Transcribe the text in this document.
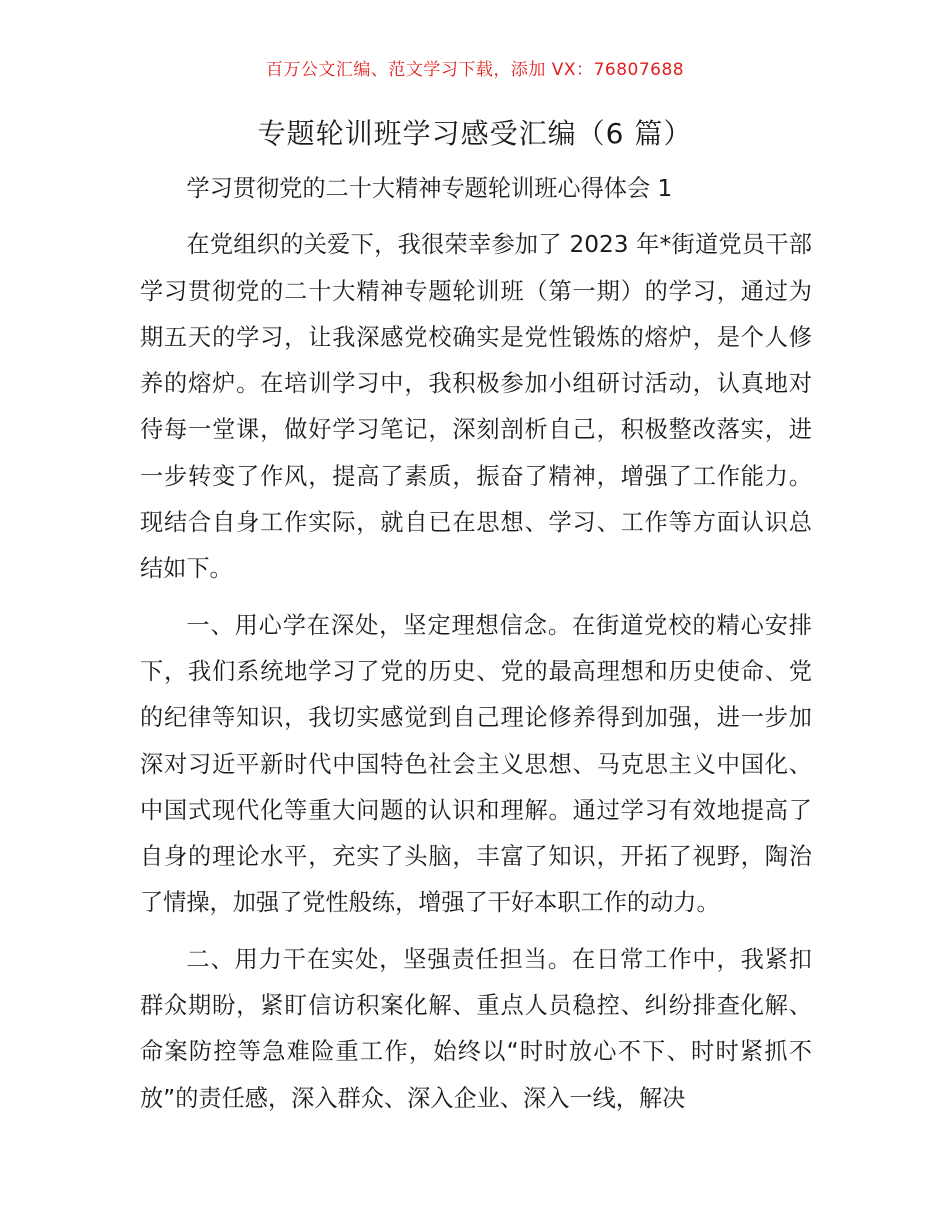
百万公文汇编、范文学习下载，添加 VX：76807688
专题轮训班学习感受汇编（6 篇）

学习贯彻党的二十大精神专题轮训班心得体会 1

在党组织的关爱下，我很荣幸参加了 2023 年*街道党员干部学习贯彻党的二十大精神专题轮训班（第一期）的学习，通过为期五天的学习，让我深感党校确实是党性锻炼的熔炉，是个人修养的熔炉。在培训学习中，我积极参加小组研讨活动，认真地对待每一堂课，做好学习笔记，深刻剖析自己，积极整改落实，进一步转变了作风，提高了素质，振奋了精神，增强了工作能力。现结合自身工作实际，就自已在思想、学习、工作等方面认识总结如下。

一、用心学在深处，坚定理想信念。在街道党校的精心安排下，我们系统地学习了党的历史、党的最高理想和历史使命、党的纪律等知识，我切实感觉到自己理论修养得到加强，进一步加深对习近平新时代中国特色社会主义思想、马克思主义中国化、中国式现代化等重大问题的认识和理解。通过学习有效地提高了自身的理论水平，充实了头脑，丰富了知识，开拓了视野，陶治了情操，加强了党性般练，增强了干好本职工作的动力。

二、用力干在实处，坚强责任担当。在日常工作中，我紧扣群众期盼，紧盯信访积案化解、重点人员稳控、纠纷排查化解、命案防控等急难险重工作，始终以“时时放心不下、时时紧抓不放”的责任感，深入群众、深入企业、深入一线，解决
